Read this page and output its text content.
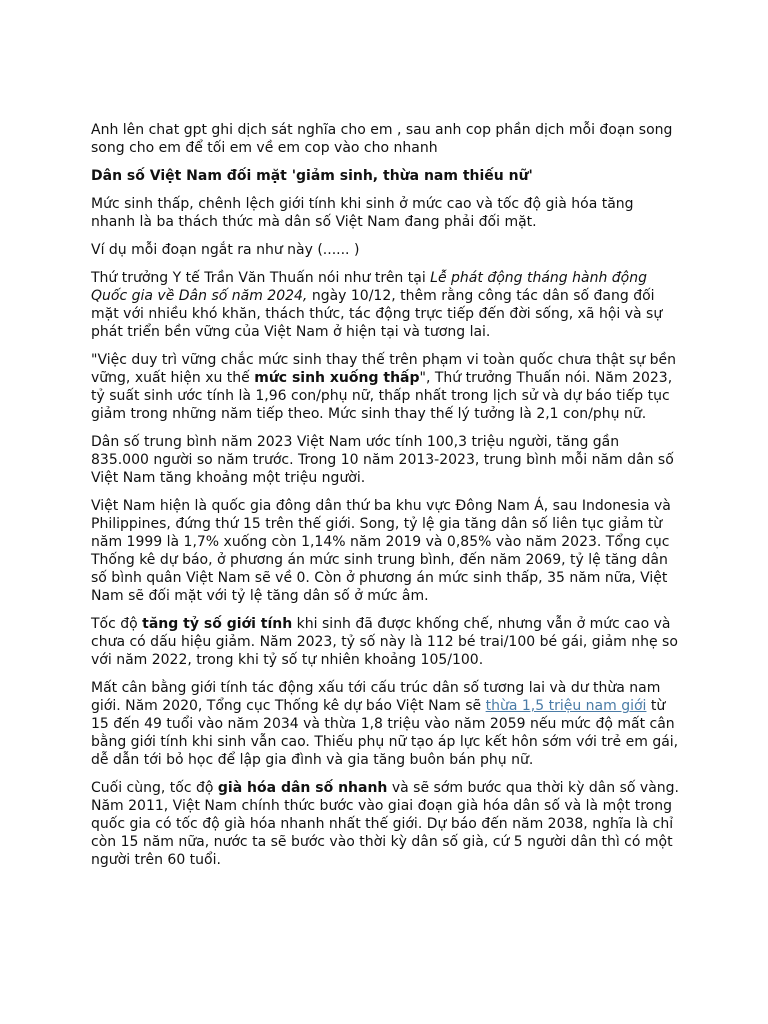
Anh lên chat gpt ghi dịch sát nghĩa cho em , sau anh cop phần dịch mỗi đoạn song song cho em để tối em về em cop vào cho nhanh

Dân số Việt Nam đối mặt 'giảm sinh, thừa nam thiếu nữ'

Mức sinh thấp, chênh lệch giới tính khi sinh ở mức cao và tốc độ già hóa tăng nhanh là ba thách thức mà dân số Việt Nam đang phải đối mặt.

Ví dụ mỗi đoạn ngắt ra như này (...... )

Thứ trưởng Y tế Trần Văn Thuấn nói như trên tại Lễ phát động tháng hành động Quốc gia về Dân số năm 2024, ngày 10/12, thêm rằng công tác dân số đang đối mặt với nhiều khó khăn, thách thức, tác động trực tiếp đến đời sống, xã hội và sự phát triển bền vững của Việt Nam ở hiện tại và tương lai.

"Việc duy trì vững chắc mức sinh thay thế trên phạm vi toàn quốc chưa thật sự bền vững, xuất hiện xu thế mức sinh xuống thấp", Thứ trưởng Thuấn nói. Năm 2023, tỷ suất sinh ước tính là 1,96 con/phụ nữ, thấp nhất trong lịch sử và dự báo tiếp tục giảm trong những năm tiếp theo. Mức sinh thay thế lý tưởng là 2,1 con/phụ nữ.

Dân số trung bình năm 2023 Việt Nam ước tính 100,3 triệu người, tăng gần 835.000 người so năm trước. Trong 10 năm 2013-2023, trung bình mỗi năm dân số Việt Nam tăng khoảng một triệu người.

Việt Nam hiện là quốc gia đông dân thứ ba khu vực Đông Nam Á, sau Indonesia và Philippines, đứng thứ 15 trên thế giới. Song, tỷ lệ gia tăng dân số liên tục giảm từ năm 1999 là 1,7% xuống còn 1,14% năm 2019 và 0,85% vào năm 2023. Tổng cục Thống kê dự báo, ở phương án mức sinh trung bình, đến năm 2069, tỷ lệ tăng dân số bình quân Việt Nam sẽ về 0. Còn ở phương án mức sinh thấp, 35 năm nữa, Việt Nam sẽ đối mặt với tỷ lệ tăng dân số ở mức âm.

Tốc độ tăng tỷ số giới tính khi sinh đã được khống chế, nhưng vẫn ở mức cao và chưa có dấu hiệu giảm. Năm 2023, tỷ số này là 112 bé trai/100 bé gái, giảm nhẹ so với năm 2022, trong khi tỷ số tự nhiên khoảng 105/100.

Mất cân bằng giới tính tác động xấu tới cấu trúc dân số tương lai và dư thừa nam giới. Năm 2020, Tổng cục Thống kê dự báo Việt Nam sẽ thừa 1,5 triệu nam giới từ 15 đến 49 tuổi vào năm 2034 và thừa 1,8 triệu vào năm 2059 nếu mức độ mất cân bằng giới tính khi sinh vẫn cao. Thiếu phụ nữ tạo áp lực kết hôn sớm với trẻ em gái, dễ dẫn tới bỏ học để lập gia đình và gia tăng buôn bán phụ nữ.

Cuối cùng, tốc độ già hóa dân số nhanh và sẽ sớm bước qua thời kỳ dân số vàng. Năm 2011, Việt Nam chính thức bước vào giai đoạn già hóa dân số và là một trong quốc gia có tốc độ già hóa nhanh nhất thế giới. Dự báo đến năm 2038, nghĩa là chỉ còn 15 năm nữa, nước ta sẽ bước vào thời kỳ dân số già, cứ 5 người dân thì có một người trên 60 tuổi.
